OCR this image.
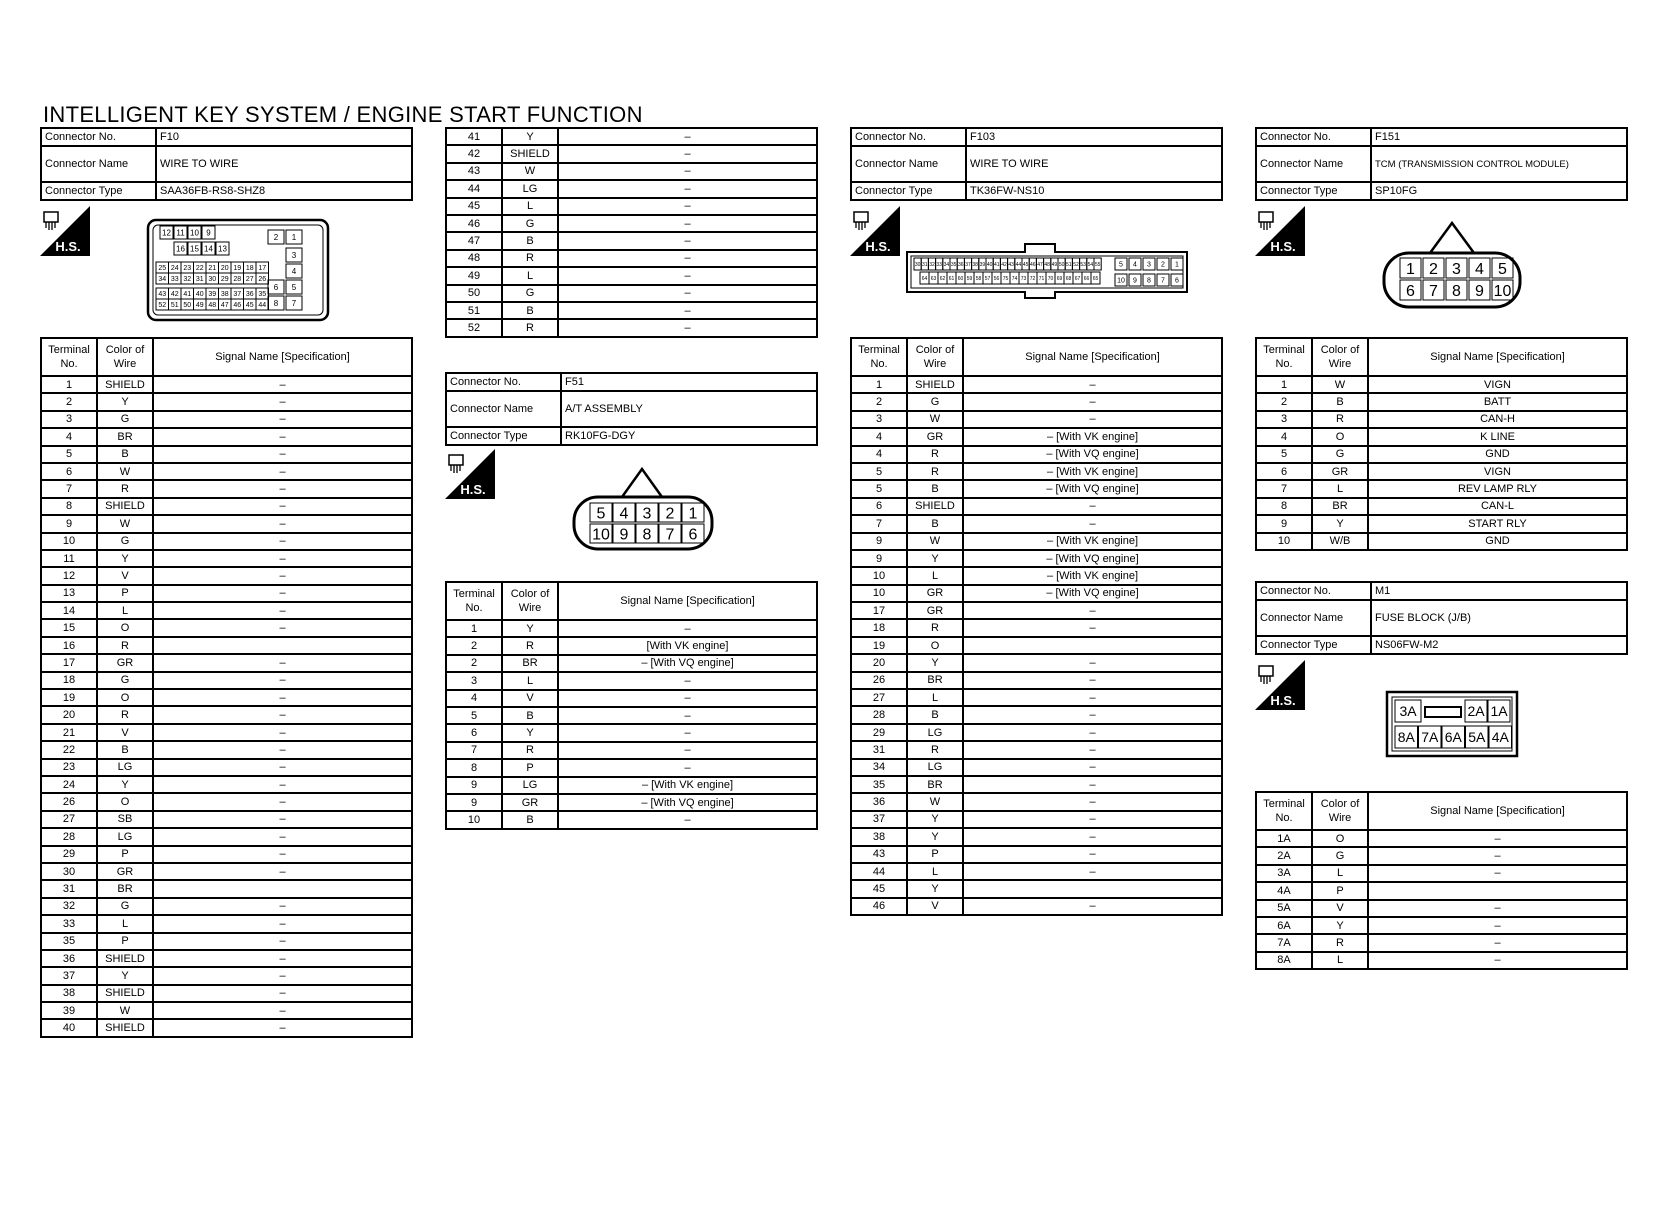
INTELLIGENT KEY SYSTEM / ENGINE START FUNCTION
Connector No.	F10
Connector Name	WIRE TO WIRE
Connector Type	SAA36FB-RS8-SHZ8
H.S.
12 11 10 9
16 15 14 13
25 24 23 22 21 20 19 18 17
34 33 32 31 30 29 28 27 26
43 42 41 40 39 38 37 36 35
52 51 50 49 48 47 46 45 44
2 1
3
4
6 5
8 7
Terminal No.	Color of Wire	Signal Name [Specification]
1	SHIELD	–
2	Y	–
3	G	–
4	BR	–
5	B	–
6	W	–
7	R	–
8	SHIELD	–
9	W	–
10	G	–
11	Y	–
12	V	–
13	P	–
14	L	–
15	O	–
16	R	
17	GR	–
18	G	–
19	O	–
20	R	–
21	V	–
22	B	–
23	LG	–
24	Y	–
26	O	–
27	SB	–
28	LG	–
29	P	–
30	GR	–
31	BR	
32	G	–
33	L	–
35	P	–
36	SHIELD	–
37	Y	–
38	SHIELD	–
39	W	–
40	SHIELD	–
41	Y	–
42	SHIELD	–
43	W	–
44	LG	–
45	L	–
46	G	–
47	B	–
48	R	–
49	L	–
50	G	–
51	B	–
52	R	–
Connector No.	F51
Connector Name	A/T ASSEMBLY
Connector Type	RK10FG-DGY
H.S.
5 4 3 2 1
10 9 8 7 6
Terminal No.	Color of Wire	Signal Name [Specification]
1	Y	–
2	R	[With VK engine]
2	BR	– [With VQ engine]
3	L	–
4	V	–
5	B	–
6	Y	–
7	R	–
8	P	–
9	LG	– [With VK engine]
9	GR	– [With VQ engine]
10	B	–
Connector No.	F103
Connector Name	WIRE TO WIRE
Connector Type	TK36FW-NS10
H.S.
30 31 32 33 34 35 36 37 38 39 40 41 42 43 44 45 46 47 48 49 50 51 52 53 54 55	5 4 3 2 1
64 63 62 61 60 59 58 57 56 75 74 73 72 71 70 69 68 67 66 65	10 9 8 7 6
Terminal No.	Color of Wire	Signal Name [Specification]
1	SHIELD	–
2	G	–
3	W	–
4	GR	– [With VK engine]
4	R	– [With VQ engine]
5	R	– [With VK engine]
5	B	– [With VQ engine]
6	SHIELD	–
7	B	–
9	W	– [With VK engine]
9	Y	– [With VQ engine]
10	L	– [With VK engine]
10	GR	– [With VQ engine]
17	GR	–
18	R	–
19	O	
20	Y	–
26	BR	–
27	L	–
28	B	–
29	LG	–
31	R	–
34	LG	–
35	BR	–
36	W	–
37	Y	–
38	Y	–
43	P	–
44	L	–
45	Y	
46	V	–
Connector No.	F151
Connector Name	TCM (TRANSMISSION CONTROL MODULE)
Connector Type	SP10FG
H.S.
1 2 3 4 5
6 7 8 9 10
Terminal No.	Color of Wire	Signal Name [Specification]
1	W	VIGN
2	B	BATT
3	R	CAN-H
4	O	K LINE
5	G	GND
6	GR	VIGN
7	L	REV LAMP RLY
8	BR	CAN-L
9	Y	START RLY
10	W/B	GND
Connector No.	M1
Connector Name	FUSE BLOCK (J/B)
Connector Type	NS06FW-M2
H.S.
3A	2A 1A
8A 7A 6A 5A 4A
Terminal No.	Color of Wire	Signal Name [Specification]
1A	O	–
2A	G	–
3A	L	–
4A	P	
5A	V	–
6A	Y	–
7A	R	–
8A	L	–
